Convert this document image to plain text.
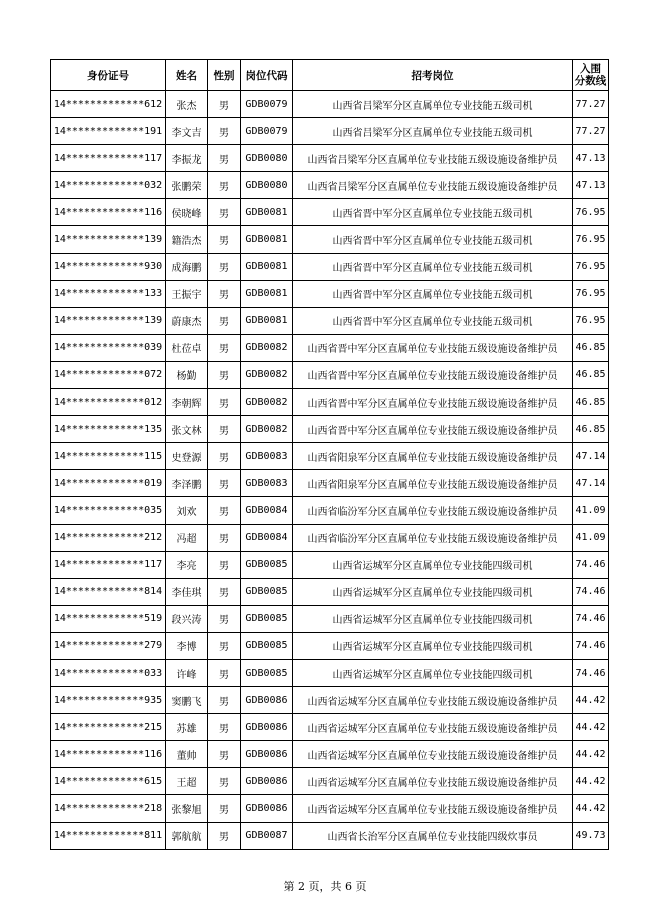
身份证号	姓名	性别	岗位代码	招考岗位	入围
分数线

14*************612	张杰	男	GDB0079	山西省吕梁军分区直属单位专业技能五级司机	77.27
14*************191	李文吉	男	GDB0079	山西省吕梁军分区直属单位专业技能五级司机	77.27
14*************117	李振龙	男	GDB0080	山西省吕梁军分区直属单位专业技能五级设施设备维护员	47.13
14*************032	张鹏荣	男	GDB0080	山西省吕梁军分区直属单位专业技能五级设施设备维护员	47.13
14*************116	侯晓峰	男	GDB0081	山西省晋中军分区直属单位专业技能五级司机	76.95
14*************139	籍浩杰	男	GDB0081	山西省晋中军分区直属单位专业技能五级司机	76.95
14*************930	成海鹏	男	GDB0081	山西省晋中军分区直属单位专业技能五级司机	76.95
14*************133	王振宇	男	GDB0081	山西省晋中军分区直属单位专业技能五级司机	76.95
14*************139	蔚康杰	男	GDB0081	山西省晋中军分区直属单位专业技能五级司机	76.95
14*************039	杜莅卓	男	GDB0082	山西省晋中军分区直属单位专业技能五级设施设备维护员	46.85
14*************072	杨勤	男	GDB0082	山西省晋中军分区直属单位专业技能五级设施设备维护员	46.85
14*************012	李朝辉	男	GDB0082	山西省晋中军分区直属单位专业技能五级设施设备维护员	46.85
14*************135	张文林	男	GDB0082	山西省晋中军分区直属单位专业技能五级设施设备维护员	46.85
14*************115	史登源	男	GDB0083	山西省阳泉军分区直属单位专业技能五级设施设备维护员	47.14
14*************019	李泽鹏	男	GDB0083	山西省阳泉军分区直属单位专业技能五级设施设备维护员	47.14
14*************035	刘欢	男	GDB0084	山西省临汾军分区直属单位专业技能五级设施设备维护员	41.09
14*************212	冯超	男	GDB0084	山西省临汾军分区直属单位专业技能五级设施设备维护员	41.09
14*************117	李亮	男	GDB0085	山西省运城军分区直属单位专业技能四级司机	74.46
14*************814	李佳琪	男	GDB0085	山西省运城军分区直属单位专业技能四级司机	74.46
14*************519	段兴涛	男	GDB0085	山西省运城军分区直属单位专业技能四级司机	74.46
14*************279	李博	男	GDB0085	山西省运城军分区直属单位专业技能四级司机	74.46
14*************033	许峰	男	GDB0085	山西省运城军分区直属单位专业技能四级司机	74.46
14*************935	窦鹏飞	男	GDB0086	山西省运城军分区直属单位专业技能五级设施设备维护员	44.42
14*************215	苏雄	男	GDB0086	山西省运城军分区直属单位专业技能五级设施设备维护员	44.42
14*************116	董帅	男	GDB0086	山西省运城军分区直属单位专业技能五级设施设备维护员	44.42
14*************615	王超	男	GDB0086	山西省运城军分区直属单位专业技能五级设施设备维护员	44.42
14*************218	张黎旭	男	GDB0086	山西省运城军分区直属单位专业技能五级设施设备维护员	44.42
14*************811	郭航航	男	GDB0087	山西省长治军分区直属单位专业技能四级炊事员	49.73
第 2 页，共 6 页
